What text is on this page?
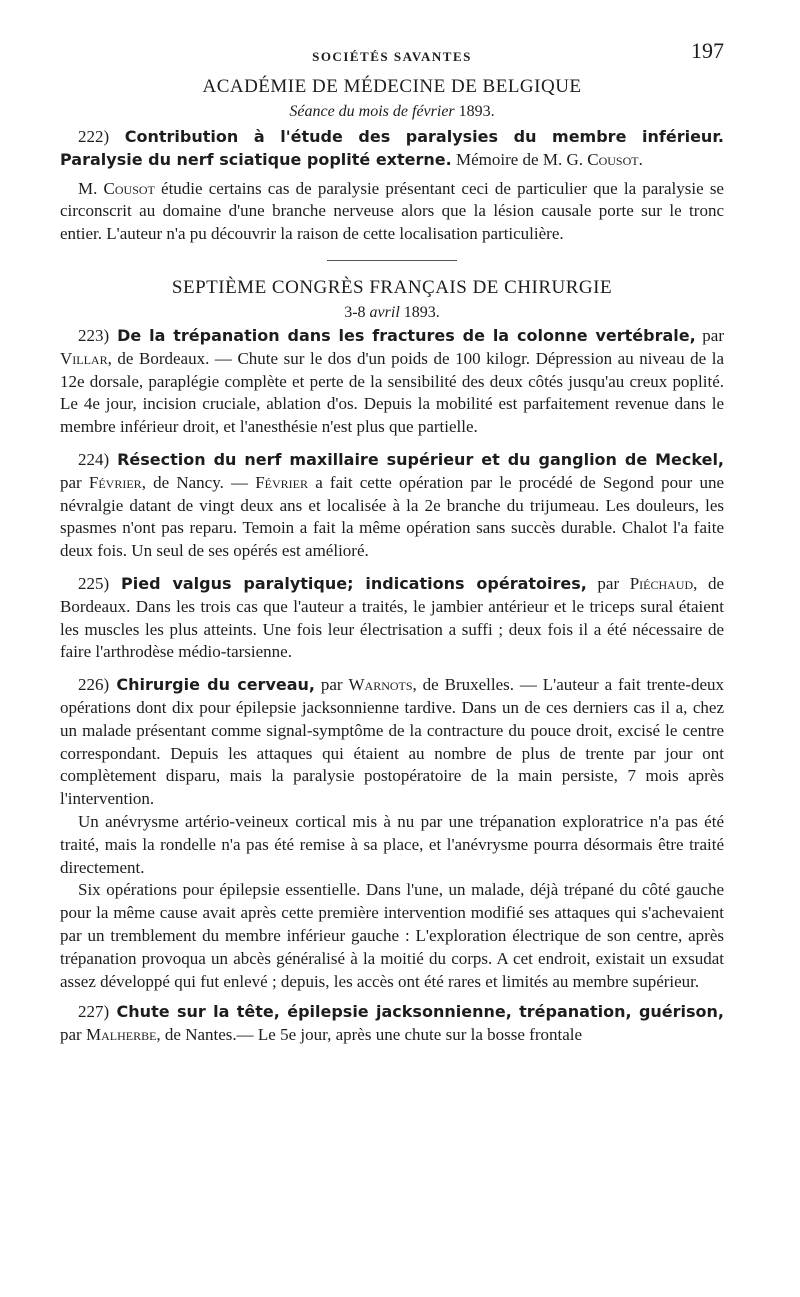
SOCIÉTÉS SAVANTES	197
ACADÉMIE DE MÉDECINE DE BELGIQUE

Séance du mois de février 1893.

222) Contribution à l'étude des paralysies du membre inférieur. Paralysie du nerf sciatique poplité externe. Mémoire de M. G. Cousot.

M. Cousot étudie certains cas de paralysie présentant ceci de particulier que la paralysie se circonscrit au domaine d'une branche nerveuse alors que la lésion causale porte sur le tronc entier. L'auteur n'a pu découvrir la raison de cette localisation particulière.

SEPTIÈME CONGRÈS FRANÇAIS DE CHIRURGIE

3-8 avril 1893.

223) De la trépanation dans les fractures de la colonne vertébrale, par Villar, de Bordeaux. — Chute sur le dos d'un poids de 100 kilogr. Dépression au niveau de la 12e dorsale, paraplégie complète et perte de la sensibilité des deux côtés jusqu'au creux poplité. Le 4e jour, incision cruciale, ablation d'os. Depuis la mobilité est parfaitement revenue dans le membre inférieur droit, et l'anesthésie n'est plus que partielle.

224) Résection du nerf maxillaire supérieur et du ganglion de Meckel, par Février, de Nancy. — Février a fait cette opération par le procédé de Segond pour une névralgie datant de vingt deux ans et localisée à la 2e branche du trijumeau. Les douleurs, les spasmes n'ont pas reparu. Temoin a fait la même opération sans succès durable. Chalot l'a faite deux fois. Un seul de ses opérés est amélioré.

225) Pied valgus paralytique; indications opératoires, par Piéchaud, de Bordeaux. Dans les trois cas que l'auteur a traités, le jambier antérieur et le triceps sural étaient les muscles les plus atteints. Une fois leur électrisation a suffi ; deux fois il a été nécessaire de faire l'arthrodèse médio-tarsienne.

226) Chirurgie du cerveau, par Warnots, de Bruxelles. — L'auteur a fait trente-deux opérations dont dix pour épilepsie jacksonnienne tardive. Dans un de ces derniers cas il a, chez un malade présentant comme signal-symptôme de la contracture du pouce droit, excisé le centre correspondant. Depuis les attaques qui étaient au nombre de plus de trente par jour ont complètement disparu, mais la paralysie postopératoire de la main persiste, 7 mois après l'intervention.

Un anévrysme artério-veineux cortical mis à nu par une trépanation exploratrice n'a pas été traité, mais la rondelle n'a pas été remise à sa place, et l'anévrysme pourra désormais être traité directement.

Six opérations pour épilepsie essentielle. Dans l'une, un malade, déjà trépané du côté gauche pour la même cause avait après cette première intervention modifié ses attaques qui s'achevaient par un tremblement du membre inférieur gauche : L'exploration électrique de son centre, après trépanation provoqua un abcès généralisé à la moitié du corps. A cet endroit, existait un exsudat assez développé qui fut enlevé ; depuis, les accès ont été rares et limités au membre supérieur.

227) Chute sur la tête, épilepsie jacksonnienne, trépanation, guérison, par Malherbe, de Nantes.— Le 5e jour, après une chute sur la bosse frontale
